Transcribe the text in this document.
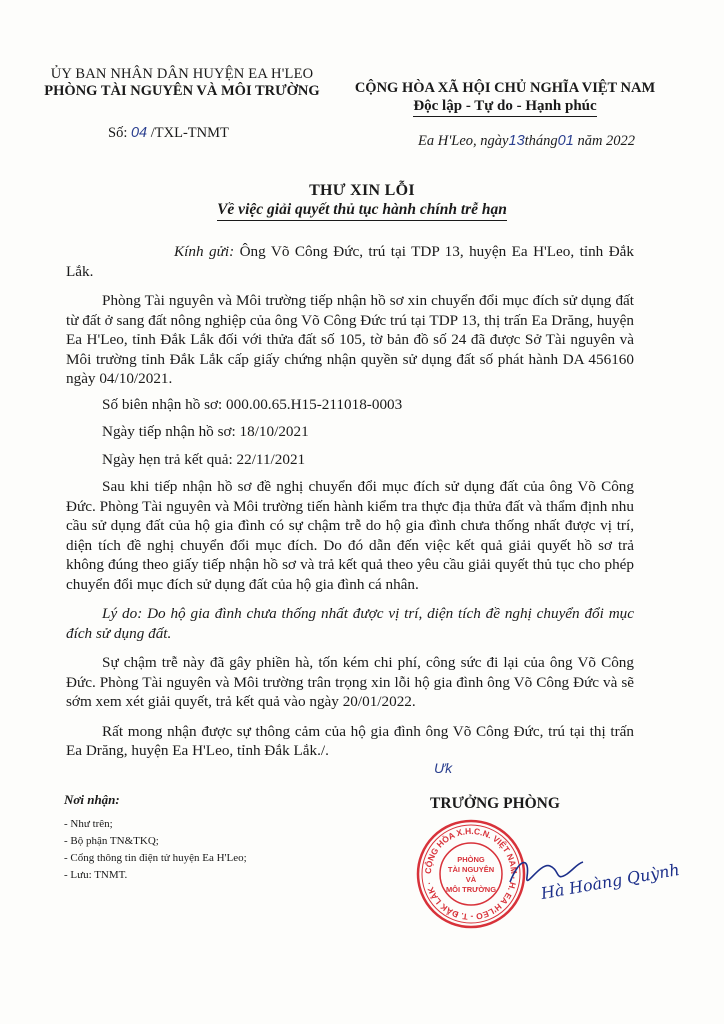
ỦY BAN NHÂN DÂN HUYỆN EA H'LEO
PHÒNG TÀI NGUYÊN VÀ MÔI TRƯỜNG	CỘNG HÒA XÃ HỘI CHỦ NGHĨA VIỆT NAM
Độc lập - Tự do - Hạnh phúc
Số: 04 /TXL-TNMT	Ea H'Leo, ngày13tháng01 năm 2022
THƯ XIN LỖI
Về việc giải quyết thủ tục hành chính trễ hạn

Kính gửi: Ông Võ Công Đức, trú tại TDP 13, huyện Ea H'Leo, tỉnh Đắk Lắk.

Phòng Tài nguyên và Môi trường tiếp nhận hồ sơ xin chuyển đổi mục đích sử dụng đất từ đất ở sang đất nông nghiệp của ông Võ Công Đức trú tại TDP 13, thị trấn Ea Drăng, huyện Ea H'Leo, tỉnh Đắk Lắk đối với thửa đất số 105, tờ bản đồ số 24 đã được Sở Tài nguyên và Môi trường tỉnh Đắk Lắk cấp giấy chứng nhận quyền sử dụng đất số phát hành DA 456160 ngày 04/10/2021.

Số biên nhận hồ sơ: 000.00.65.H15-211018-0003

Ngày tiếp nhận hồ sơ: 18/10/2021

Ngày hẹn trả kết quả: 22/11/2021

Sau khi tiếp nhận hồ sơ đề nghị chuyển đổi mục đích sử dụng đất của ông Võ Công Đức. Phòng Tài nguyên và Môi trường tiến hành kiểm tra thực địa thửa đất và thẩm định nhu cầu sử dụng đất của hộ gia đình có sự chậm trễ do hộ gia đình chưa thống nhất được vị trí, diện tích đề nghị chuyển đổi mục đích. Do đó dẫn đến việc kết quả giải quyết hồ sơ trả không đúng theo giấy tiếp nhận hồ sơ và trả kết quả theo yêu cầu giải quyết thủ tục cho phép chuyển đổi mục đích sử dụng đất của hộ gia đình cá nhân.

Lý do: Do hộ gia đình chưa thống nhất được vị trí, diện tích đề nghị chuyển đổi mục đích sử dụng đất.

Sự chậm trễ này đã gây phiền hà, tốn kém chi phí, công sức đi lại của ông Võ Công Đức. Phòng Tài nguyên và Môi trường trân trọng xin lỗi hộ gia đình ông Võ Công Đức và sẽ sớm xem xét giải quyết, trả kết quả vào ngày 20/01/2022.

Rất mong nhận được sự thông cảm của hộ gia đình ông Võ Công Đức, trú tại thị trấn Ea Drăng, huyện Ea H'Leo, tỉnh Đắk Lắk./.

Ưk
Nơi nhận:
- Như trên;
- Bộ phận TN&TKQ;
- Cổng thông tin điện tử huyện Ea H'Leo;
- Lưu: TNMT.
TRƯỞNG PHÒNG
CỘNG HÒA X.H.C.N. VIỆT NAM · H. EA H'LEO - T. ĐẮK LẮK ·
PHÒNG
TÀI NGUYÊN
VÀ
MÔI TRƯỜNG	Hà Hoàng Quỳnh
